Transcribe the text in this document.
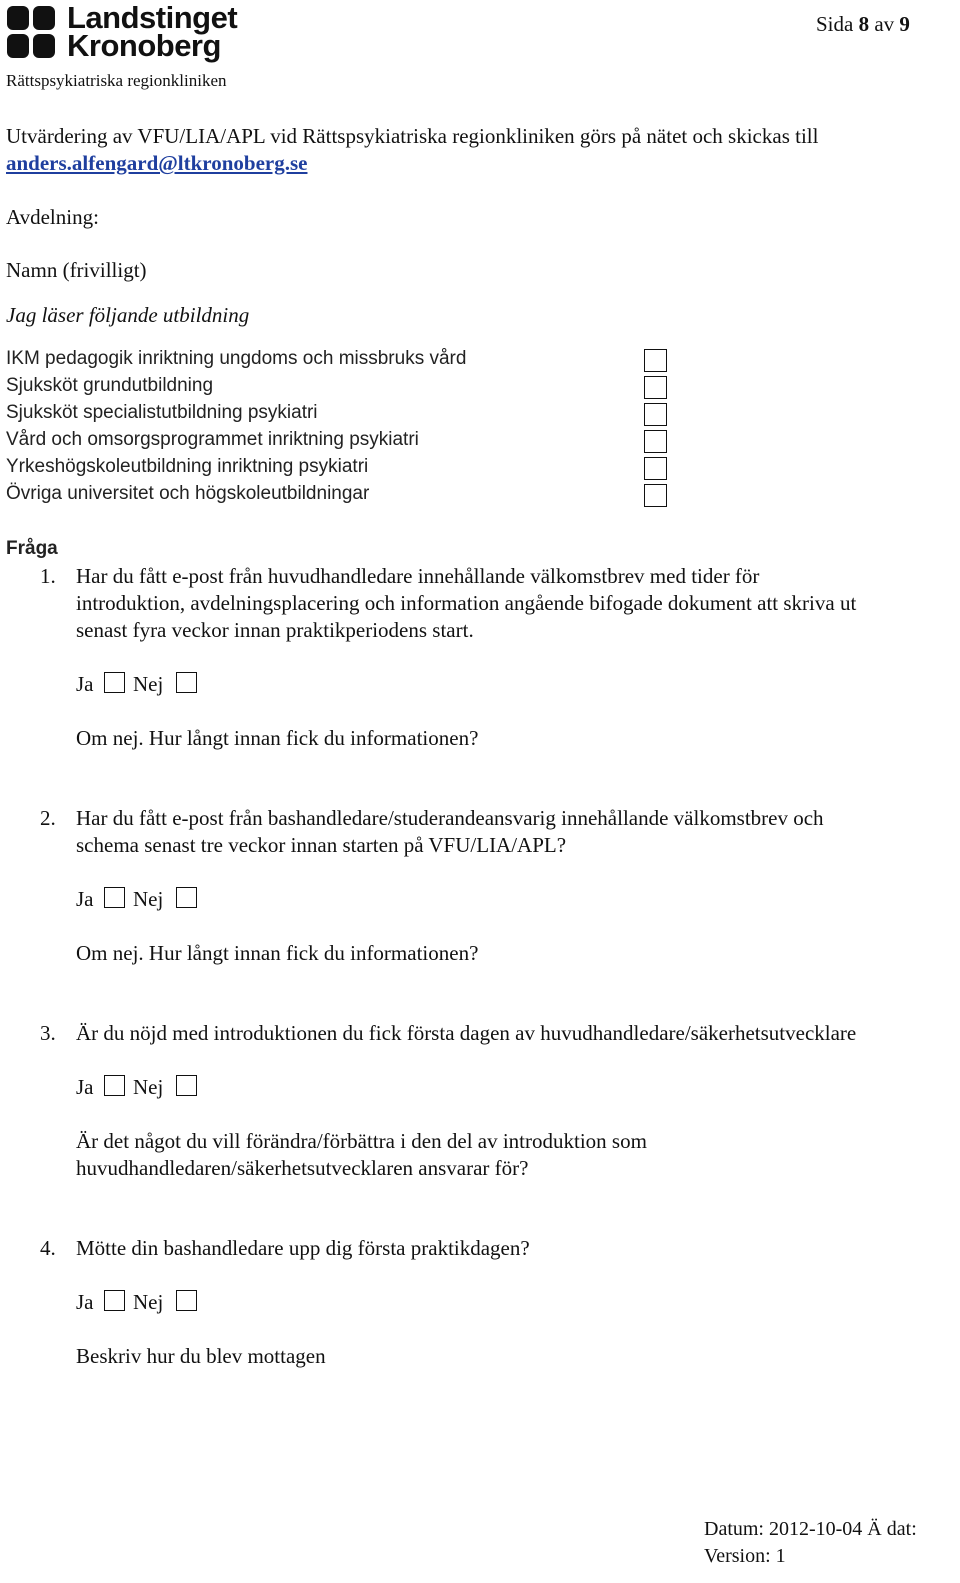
Landstinget
Kronoberg
Rättspsykiatriska regionkliniken
Sida 8 av 9
Utvärdering av VFU/LIA/APL vid Rättspsykiatriska regionkliniken görs på nätet och skickas till
anders.alfengard@ltkronoberg.se
Avdelning:
Namn (frivilligt)
Jag läser följande utbildning
IKM pedagogik inriktning ungdoms och missbruks vård
Sjuksköt grundutbildning
Sjuksköt specialistutbildning psykiatri
Vård och omsorgsprogrammet inriktning psykiatri
Yrkeshögskoleutbildning inriktning psykiatri
Övriga universitet och högskoleutbildningar
Fråga
1. Har du fått e-post från huvudhandledare innehållande välkomstbrev med tider för
introduktion, avdelningsplacering och information angående bifogade dokument att skriva ut
senast fyra veckor innan praktikperiodens start.
Ja Nej
Om nej. Hur långt innan fick du informationen?
2. Har du fått e-post från bashandledare/studerandeansvarig innehållande välkomstbrev och
schema senast tre veckor innan starten på VFU/LIA/APL?
Ja Nej
Om nej. Hur långt innan fick du informationen?
3. Är du nöjd med introduktionen du fick första dagen av huvudhandledare/säkerhetsutvecklare
Ja Nej
Är det något du vill förändra/förbättra i den del av introduktion som
huvudhandledaren/säkerhetsutvecklaren ansvarar för?
4. Mötte din bashandledare upp dig första praktikdagen?
Ja Nej
Beskriv hur du blev mottagen
Datum: 2012-10-04 Ä dat:
Version: 1
